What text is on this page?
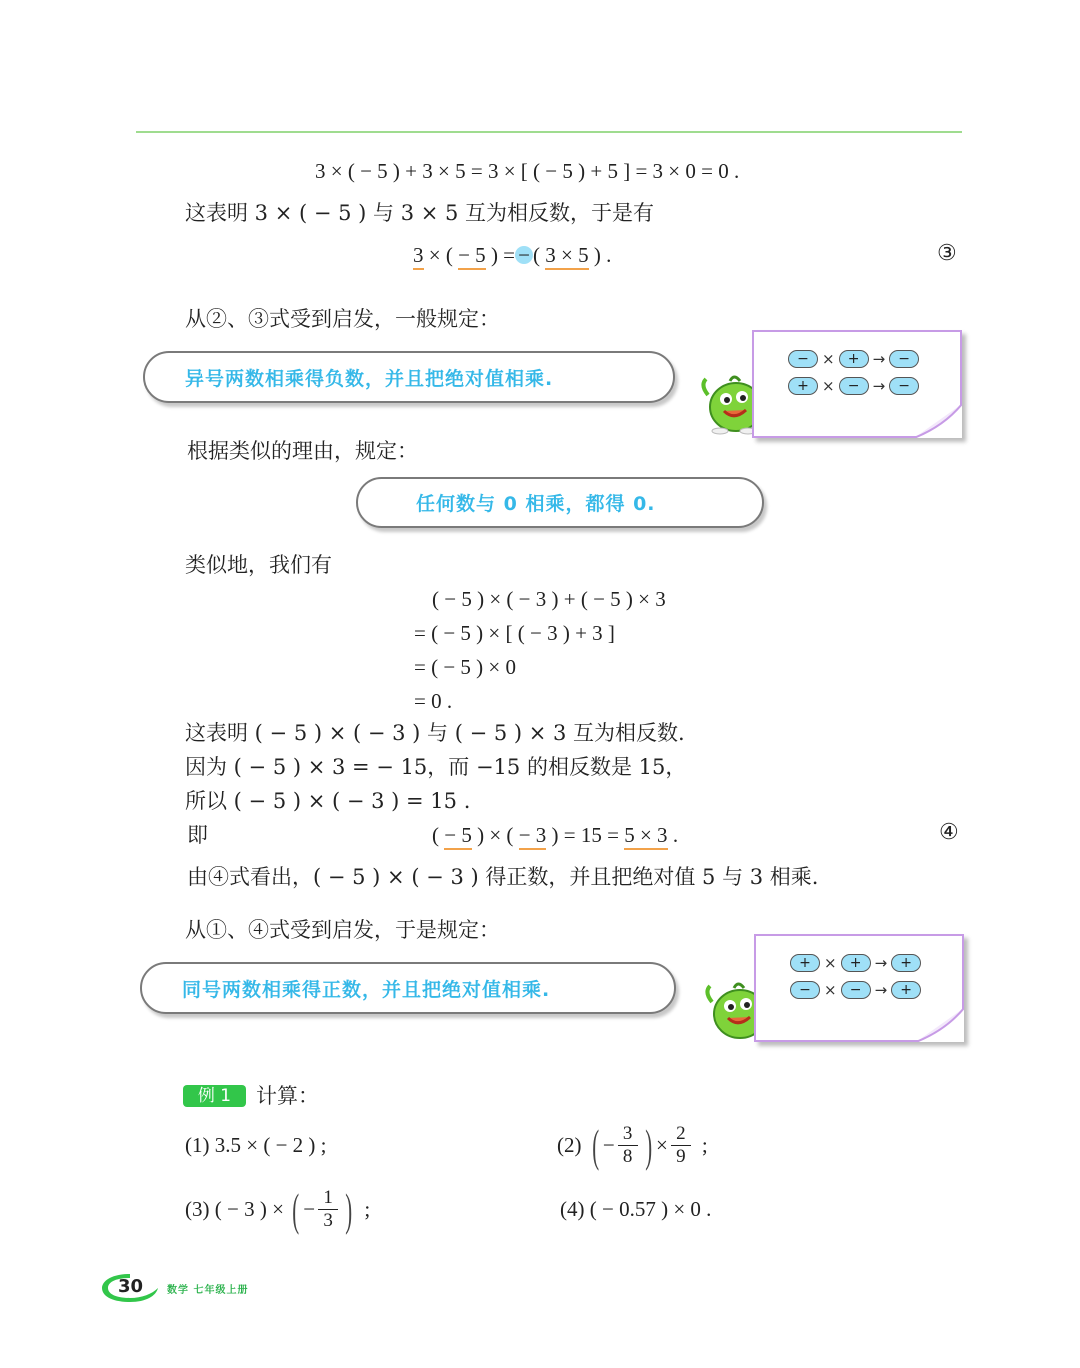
3 × ( − 5 ) + 3 × 5 = 3 × [ ( − 5 ) + 5 ] = 3 × 0 = 0 .
这表明 3 × ( − 5 ) 与 3 × 5 互为相反数，于是有
3 × ( − 5 ) = − ( 3 × 5 ) .	③
从②、③式受到启发，一般规定：
异号两数相乘得负数，并且把绝对值相乘.
− × + → −
+ × − → −
根据类似的理由，规定：
任何数与 0 相乘，都得 0.
类似地，我们有
( − 5 ) × ( − 3 ) + ( − 5 ) × 3
= ( − 5 ) × [ ( − 3 ) + 3 ]
= ( − 5 ) × 0
= 0 .
这表明 ( − 5 ) × ( − 3 ) 与 ( − 5 ) × 3 互为相反数.
因为 ( − 5 ) × 3 = − 15，而 −15 的相反数是 15，
所以 ( − 5 ) × ( − 3 ) = 15 .
即	( − 5 ) × ( − 3 ) = 15 = 5 × 3 .	④
由④式看出，( − 5 ) × ( − 3 ) 得正数，并且把绝对值 5 与 3 相乘.
从①、④式受到启发，于是规定：
同号两数相乘得正数，并且把绝对值相乘.
+ × + → +
− × − → +
例 1	计算：
(1) 3.5 × ( − 2 ) ;	(2) ( − $\frac{3}{8}$ ) × $\frac{2}{9}$ ;
(3) ( − 3 ) × ( − $\frac{1}{3}$ ) ;	(4) ( − 0.57 ) × 0 .
30 数学 七年级上册
